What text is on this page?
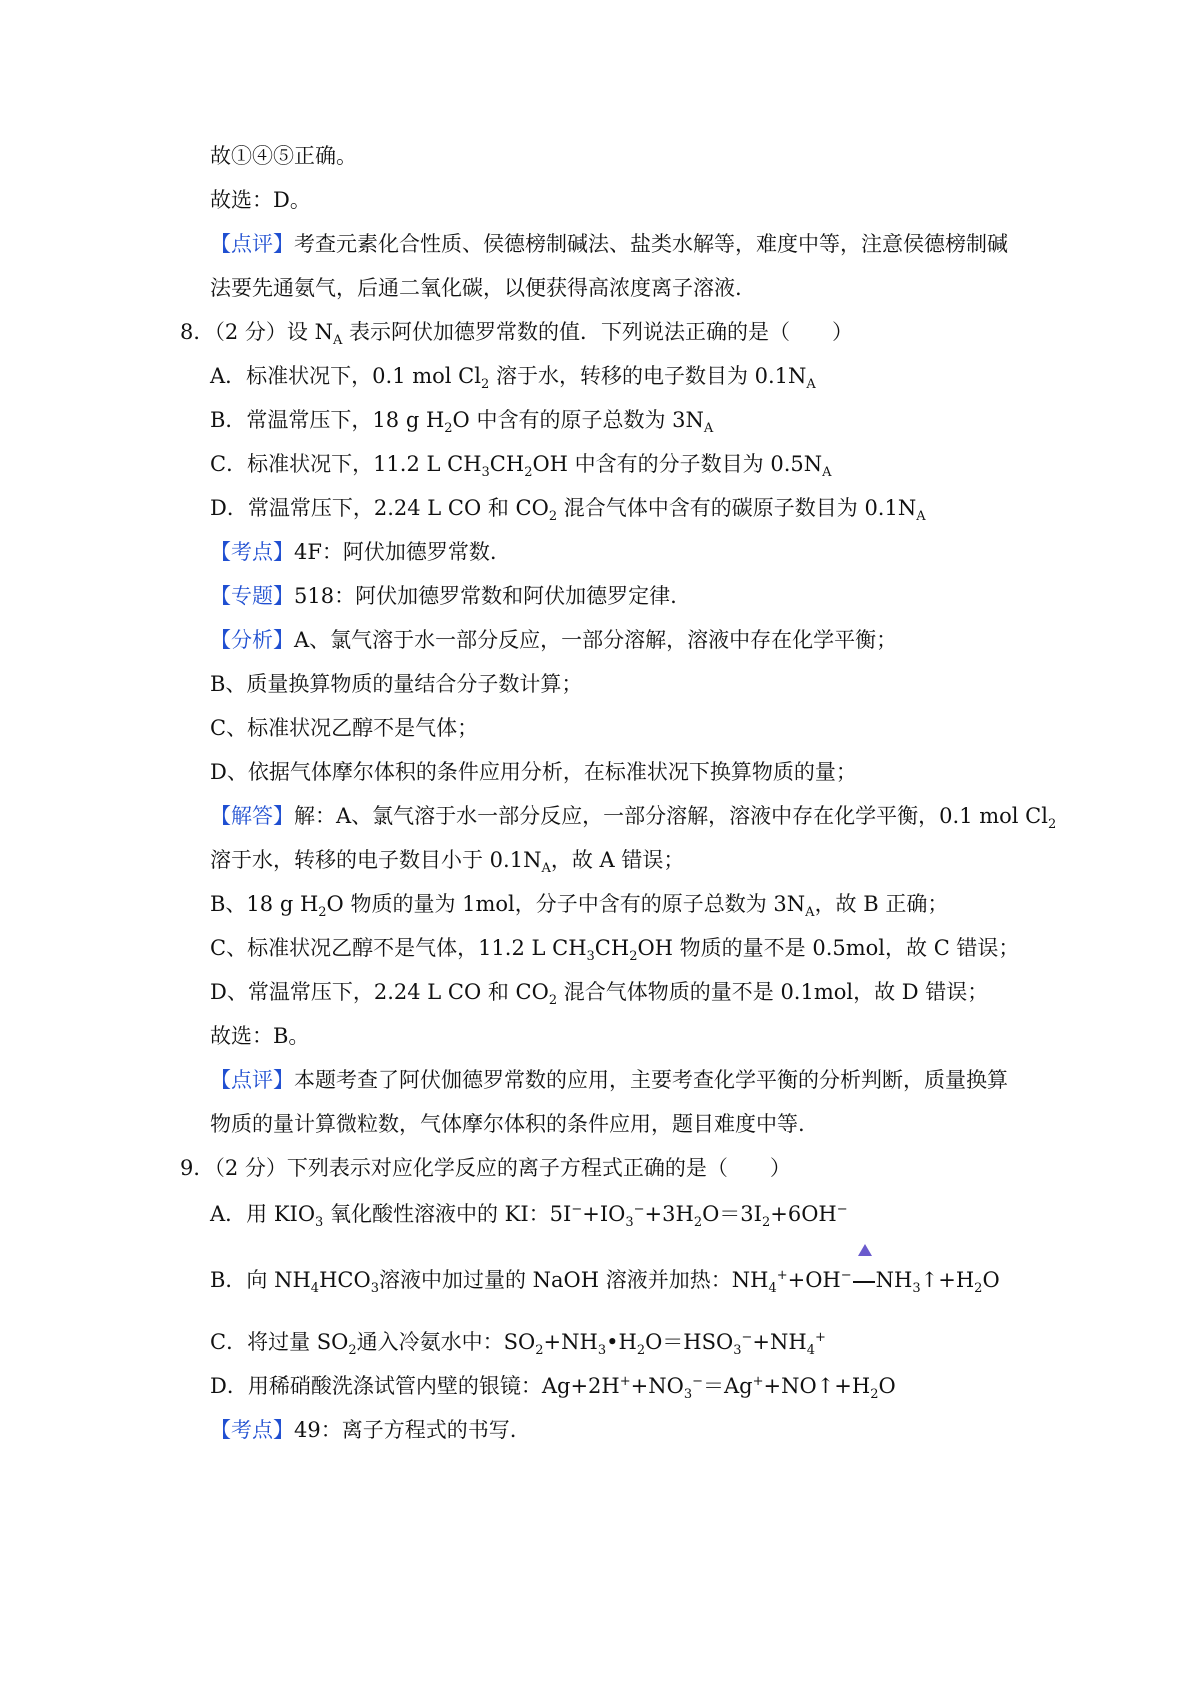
故①④⑤正确。
故选：D。
【点评】考查元素化合性质、侯德榜制碱法、盐类水解等，难度中等，注意侯德榜制碱
法要先通氨气，后通二氧化碳，以便获得高浓度离子溶液.
8．（2 分）设 $N_A$ 表示阿伏加德罗常数的值．下列说法正确的是（　　）
A．标准状况下，0.1 mol $Cl_2$ 溶于水，转移的电子数目为 $0.1N_A$
B．常温常压下，18 g $H_2O$ 中含有的原子总数为 $3N_A$
C．标准状况下，11.2 L $CH_3CH_2OH$ 中含有的分子数目为 $0.5N_A$
D．常温常压下，2.24 L CO 和 $CO_2$ 混合气体中含有的碳原子数目为 $0.1N_A$
【考点】4F：阿伏加德罗常数.
【专题】518：阿伏加德罗常数和阿伏加德罗定律.
【分析】A、氯气溶于水一部分反应，一部分溶解，溶液中存在化学平衡；
B、质量换算物质的量结合分子数计算；
C、标准状况乙醇不是气体；
D、依据气体摩尔体积的条件应用分析，在标准状况下换算物质的量；
【解答】解：A、氯气溶于水一部分反应，一部分溶解，溶液中存在化学平衡，0.1 mol $Cl_2$
溶于水，转移的电子数目小于 $0.1N_A$，故 A 错误；
B、18 g $H_2O$ 物质的量为 1mol，分子中含有的原子总数为 $3N_A$，故 B 正确；
C、标准状况乙醇不是气体，11.2 L $CH_3CH_2OH$ 物质的量不是 0.5mol，故 C 错误；
D、常温常压下，2.24 L CO 和 $CO_2$ 混合气体物质的量不是 0.1mol，故 D 错误；
故选：B。
【点评】本题考查了阿伏伽德罗常数的应用，主要考查化学平衡的分析判断，质量换算
物质的量计算微粒数，气体摩尔体积的条件应用，题目难度中等.
9．（2 分）下列表示对应化学反应的离子方程式正确的是（　　）
A．用 $KIO_3$ 氧化酸性溶液中的 KI：$5I^-+IO_3^-+3H_2O=3I_2+6OH^-$
B．向 $NH_4HCO_3$溶液中加过量的 NaOH 溶液并加热：$NH_4^++OH^-$ $NH_3↑+H_2O$
C．将过量 $SO_2$通入冷氨水中：$SO_2+NH_3•H_2O=HSO_3^-+NH_4^+$
D．用稀硝酸洗涤试管内壁的银镜：$Ag+2H^++NO_3^-=Ag^++NO↑+H_2O$
【考点】49：离子方程式的书写.
